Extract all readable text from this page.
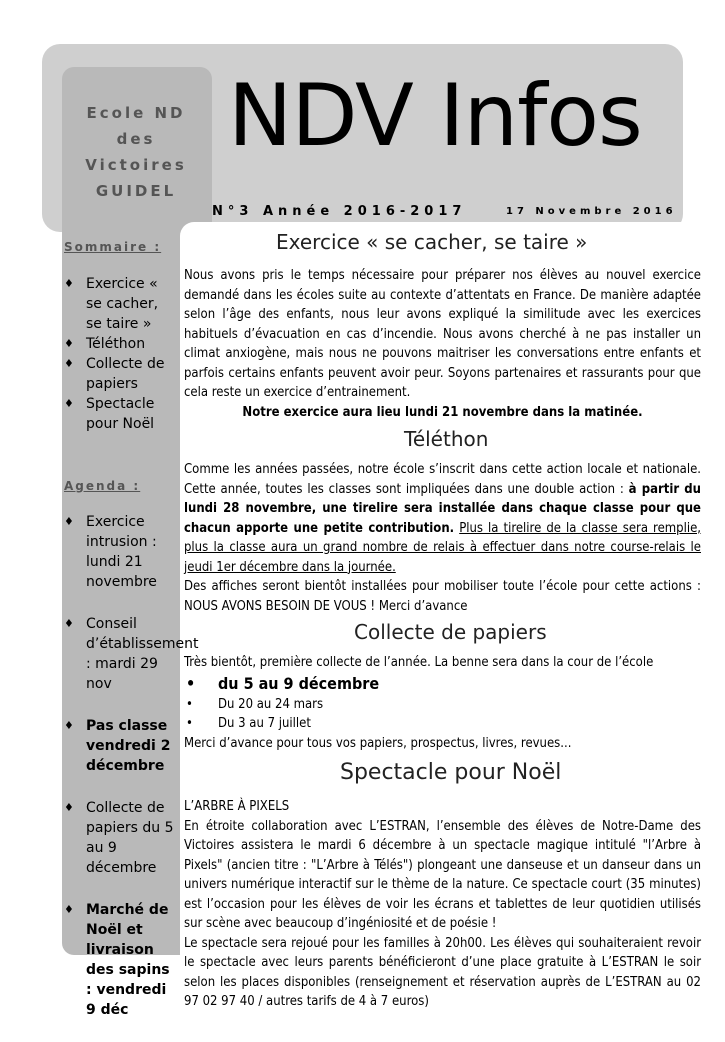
Ecole ND
des
Victoires
GUIDEL
NDV Infos
N°3 Année 2016-2017	17 Novembre 2016
Sommaire :
♦ Exercice « se cacher, se taire »
♦ Téléthon
♦ Collecte de papiers
♦ Spectacle pour Noël
Agenda :
♦ Exercice intrusion : lundi 21 novembre
♦ Conseil d’établissement : mardi 29 nov
♦ Pas classe vendredi 2 décembre
♦ Collecte de papiers du 5 au 9 décembre
♦ Marché de Noël et livraison des sapins : vendredi 9 déc
Exercice « se cacher, se taire »

Nous avons pris le temps nécessaire pour préparer nos élèves au nouvel exercice demandé dans les écoles suite au contexte d’attentats en France. De manière adaptée selon l’âge des enfants, nous leur avons expliqué la similitude avec les exercices habituels d’évacuation en cas d’incendie. Nous avons cherché à ne pas installer un climat anxiogène, mais nous ne pouvons maitriser les conversations entre enfants et parfois certains enfants peuvent avoir peur. Soyons partenaires et rassurants pour que cela reste un exercice d’entrainement.

Notre exercice aura lieu lundi 21 novembre dans la matinée.

Téléthon

Comme les années passées, notre école s’inscrit dans cette action locale et nationale. Cette année, toutes les classes sont impliquées dans une double action : à partir du lundi 28 novembre, une tirelire sera installée dans chaque classe pour que chacun apporte une petite contribution. Plus la tirelire de la classe sera remplie, plus la classe aura un grand nombre de relais à effectuer dans notre course-relais le jeudi 1er décembre dans la journée.

Des affiches seront bientôt installées pour mobiliser toute l’école pour cette actions : NOUS AVONS BESOIN DE VOUS ! Merci d’avance

Collecte de papiers

Très bientôt, première collecte de l’année. La benne sera dans la cour de l’école

• du 5 au 9 décembre
• Du 20 au 24 mars
• Du 3 au 7 juillet

Merci d’avance pour tous vos papiers, prospectus, livres, revues...

Spectacle pour Noël

L’ARBRE À PIXELS

En étroite collaboration avec L’ESTRAN, l’ensemble des élèves de Notre-Dame des Victoires assistera le mardi 6 décembre à un spectacle magique intitulé "l’Arbre à Pixels" (ancien titre : "L’Arbre à Télés") plongeant une danseuse et un danseur dans un univers numérique interactif sur le thème de la nature. Ce spectacle court (35 minutes) est l’occasion pour les élèves de voir les écrans et tablettes de leur quotidien utilisés sur scène avec beaucoup d’ingéniosité et de poésie !

Le spectacle sera rejoué pour les familles à 20h00. Les élèves qui souhaiteraient revoir le spectacle avec leurs parents bénéficieront d’une place gratuite à L’ESTRAN le soir selon les places disponibles (renseignement et réservation auprès de L’ESTRAN au 02 97 02 97 40 / autres tarifs de 4 à 7 euros)
